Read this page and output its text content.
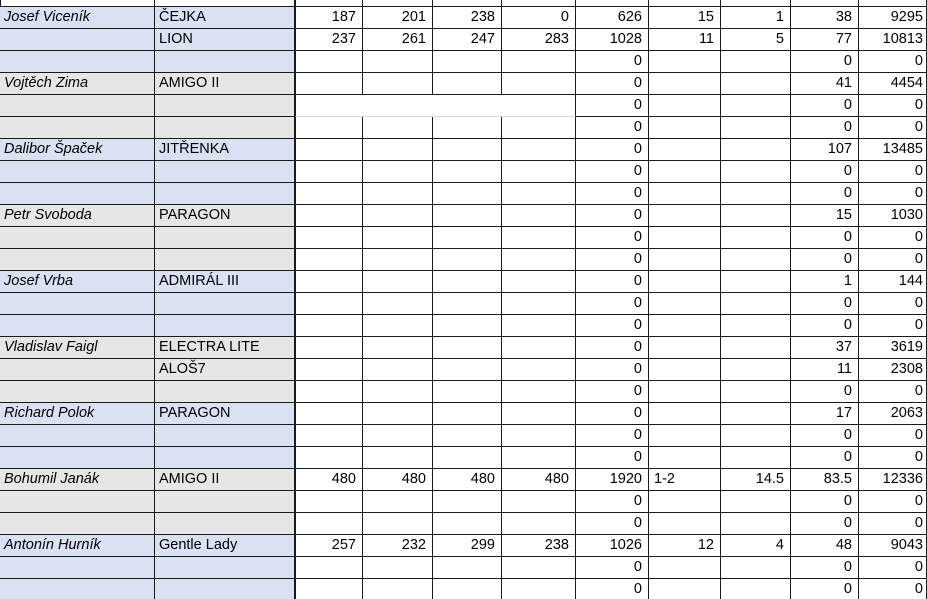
Josef Viceník	ČEJKA	187	201	238	0	626	15	1	38	9295
	LION	237	261	247	283	1028	11	5	77	10813
						0			0	0
Vojtěch Zima	AMIGO II					0			41	4454
						0			0	0
						0			0	0
Dalibor Špaček	JITŘENKA					0			107	13485
						0			0	0
						0			0	0
Petr Svoboda	PARAGON					0			15	1030
						0			0	0
						0			0	0
Josef Vrba	ADMIRÁL III					0			1	144
						0			0	0
						0			0	0
Vladislav Faigl	ELECTRA LITE					0			37	3619
	ALOŠ7					0			11	2308
						0			0	0
Richard Polok	PARAGON					0			17	2063
						0			0	0
						0			0	0
Bohumil Janák	AMIGO II	480	480	480	480	1920	1-2	14.5	83.5	12336
						0			0	0
						0			0	0
Antonín Hurník	Gentle Lady	257	232	299	238	1026	12	4	48	9043
						0			0	0
						0			0	0
